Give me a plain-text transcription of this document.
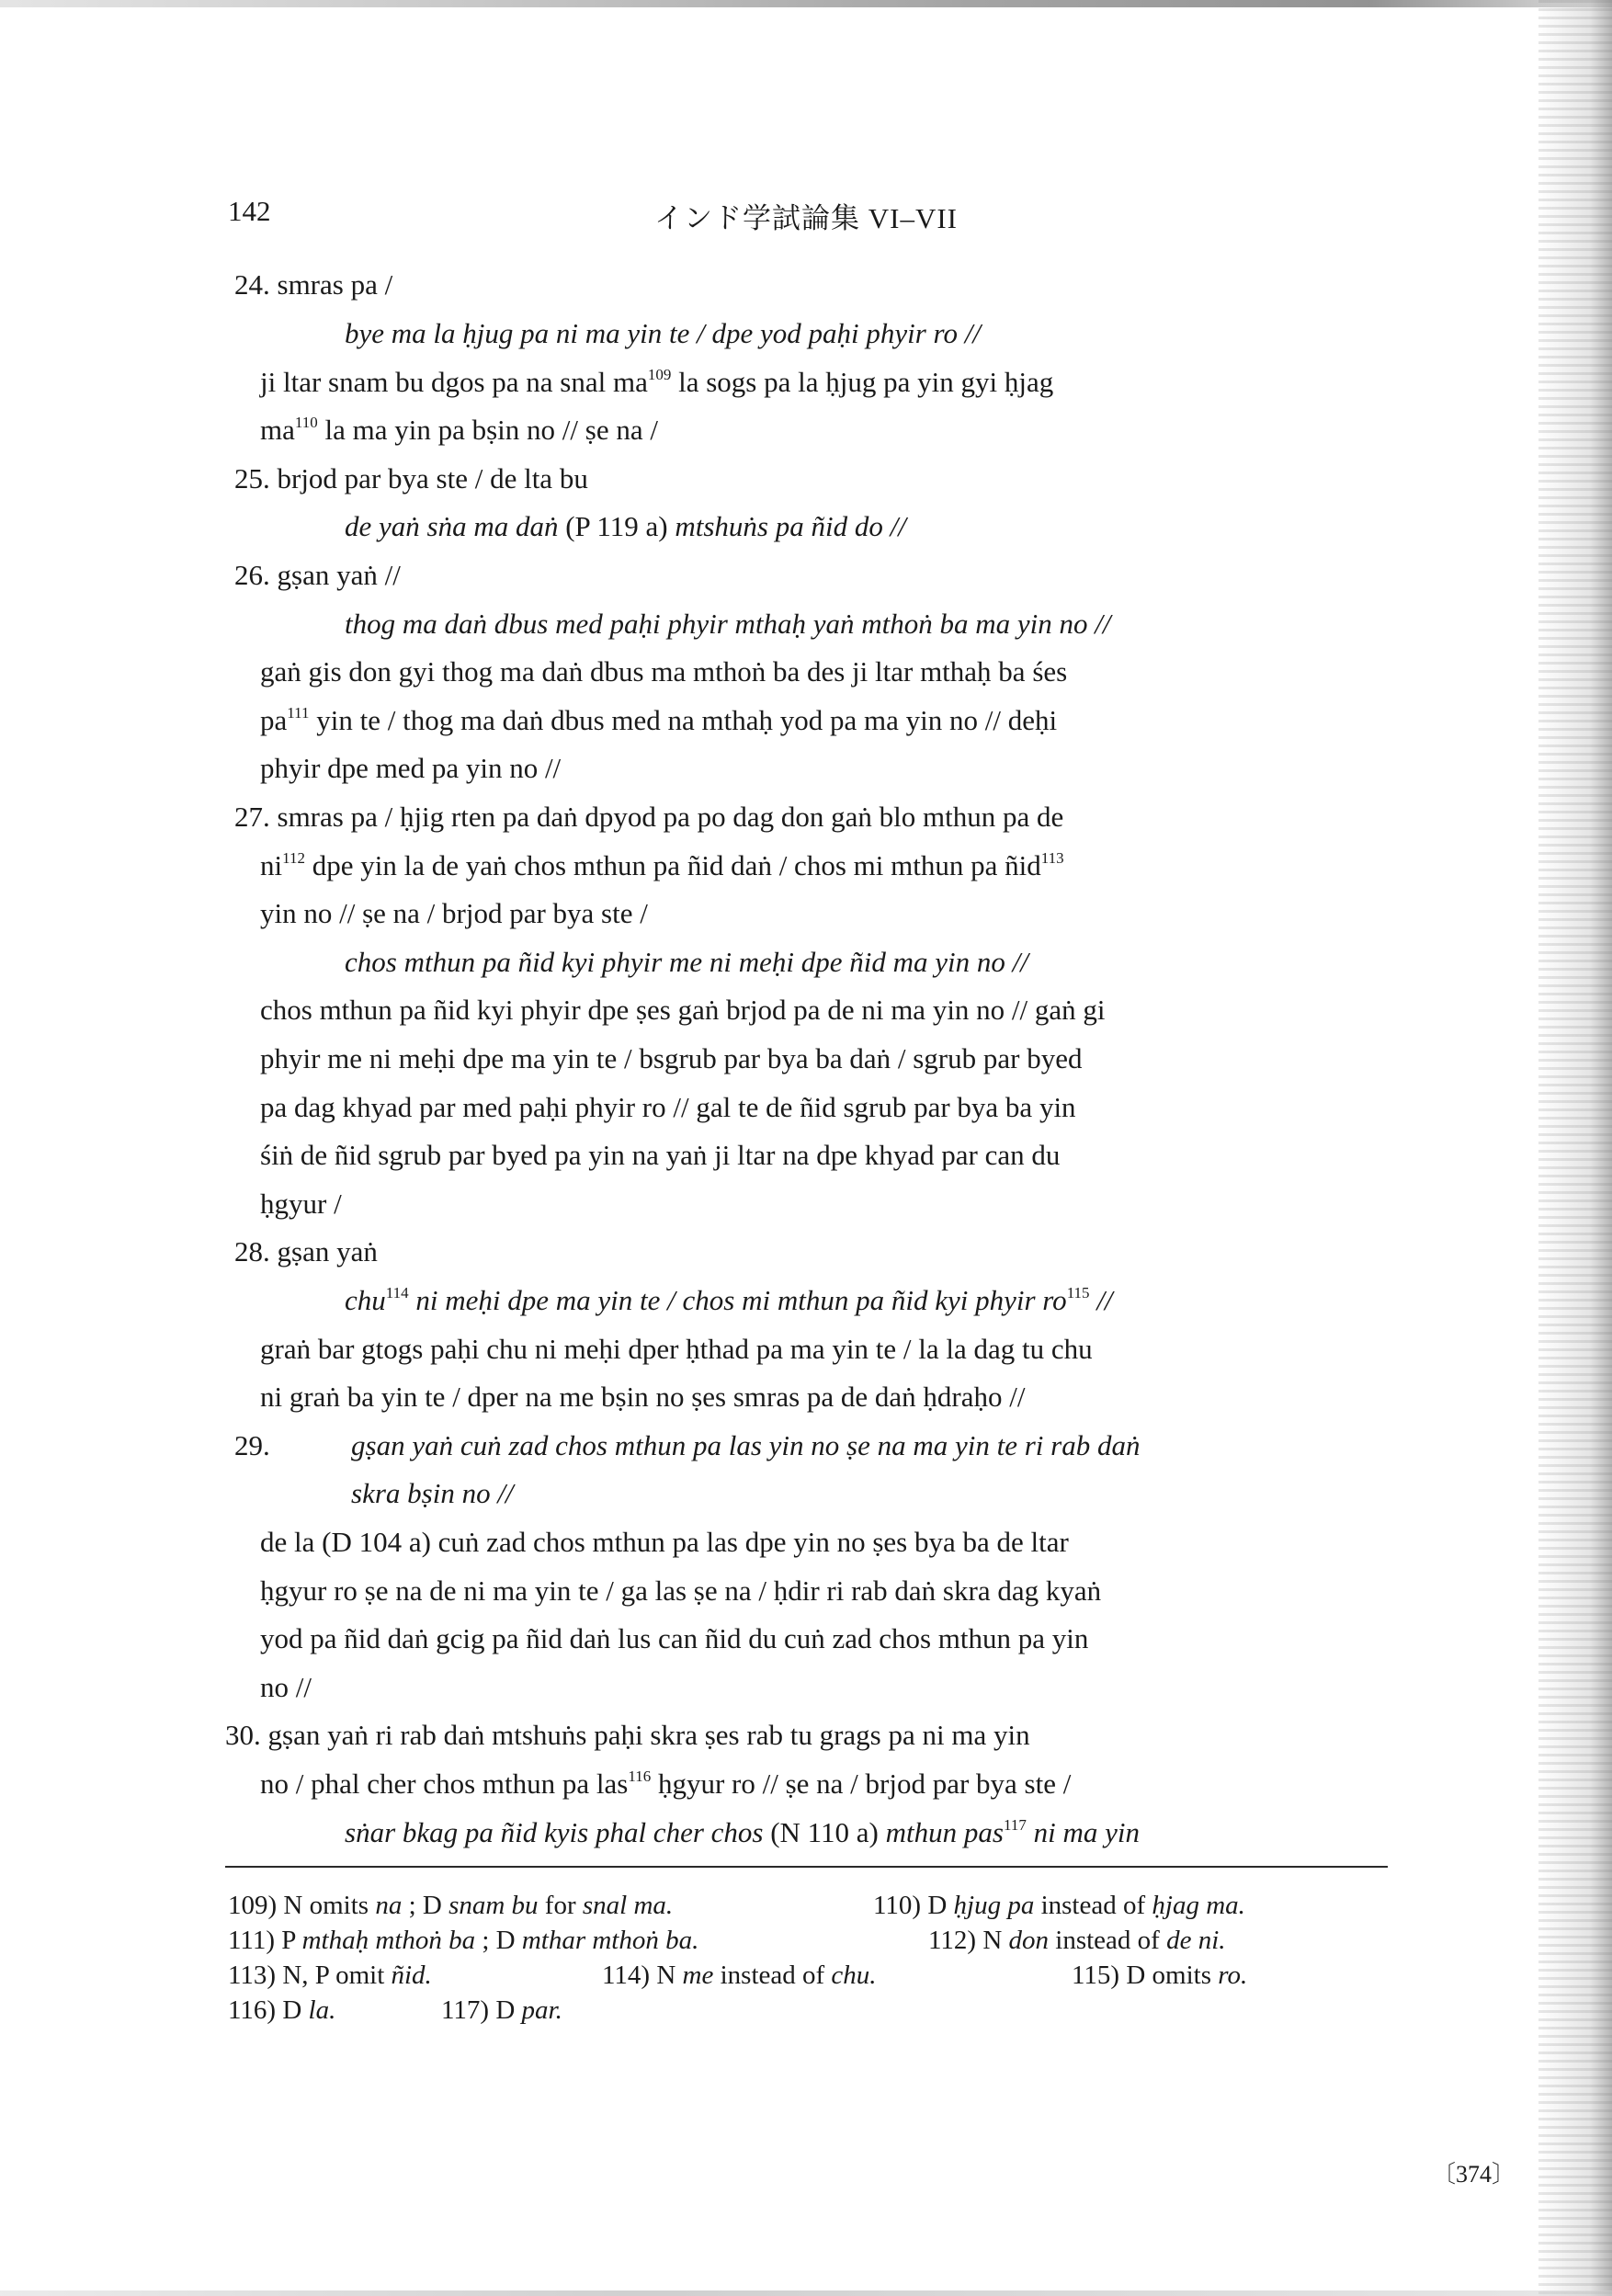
142	インド学試論集 VI–VII
24. smras pa /
bye ma la ḥjug pa ni ma yin te / dpe yod paḥi phyir ro //
ji ltar snam bu dgos pa na snal $ma^{109}$ la sogs pa la ḥjug pa yin gyi ḥjag
$ma^{110}$ la ma yin pa bṣin no // ṣe na /
25. brjod par bya ste / de lta bu
de yaṅ sṅa ma daṅ (P 119 a) mtshuṅs pa ñid do //
26. gṣan yaṅ //
thog ma daṅ dbus med paḥi phyir mthaḥ yaṅ mthoṅ ba ma yin no //
gaṅ gis don gyi thog ma daṅ dbus ma mthoṅ ba des ji ltar mthaḥ ba śes
$pa^{111}$ yin te / thog ma daṅ dbus med na mthaḥ yod pa ma yin no // deḥi
phyir dpe med pa yin no //
27. smras pa / ḥjig rten pa daṅ dpyod pa po dag don gaṅ blo mthun pa de
$ni^{112}$ dpe yin la de yaṅ chos mthun pa ñid daṅ / chos mi mthun pa ñid$^{113}$
yin no // ṣe na / brjod par bya ste /
chos mthun pa ñid kyi phyir me ni meḥi dpe ñid ma yin no //
chos mthun pa ñid kyi phyir dpe ṣes gaṅ brjod pa de ni ma yin no // gaṅ gi
phyir me ni meḥi dpe ma yin te / bsgrub par bya ba daṅ / sgrub par byed
pa dag khyad par med paḥi phyir ro // gal te de ñid sgrub par bya ba yin
śiṅ de ñid sgrub par byed pa yin na yaṅ ji ltar na dpe khyad par can du
ḥgyur /
28. gṣan yaṅ
chu$^{114}$ ni meḥi dpe ma yin te / chos mi mthun pa ñid kyi phyir $ro^{115}$ //
graṅ bar gtogs paḥi chu ni meḥi dper ḥthad pa ma yin te / la la dag tu chu
ni graṅ ba yin te / dper na me bṣin no ṣes smras pa de daṅ ḥdraḥo //
29.	gṣan yaṅ cuṅ zad chos mthun pa las yin no ṣe na ma yin te ri rab daṅ
skra bṣin no //
de la (D 104 a) cuṅ zad chos mthun pa las dpe yin no ṣes bya ba de ltar
ḥgyur ro ṣe na de ni ma yin te / ga las ṣe na / ḥdir ri rab daṅ skra dag kyaṅ
yod pa ñid daṅ gcig pa ñid daṅ lus can ñid du cuṅ zad chos mthun pa yin
no //
30. gṣan yaṅ ri rab daṅ mtshuṅs paḥi skra ṣes rab tu grags pa ni ma yin
no / phal cher chos mthun pa las$^{116}$ ḥgyur ro // ṣe na / brjod par bya ste /
sṅar bkag pa ñid kyis phal cher chos (N 110 a) mthun pas$^{117}$ ni ma yin
109) N omits na ; D snam bu for snal ma.	110) D ḥjug pa instead of ḥjag ma.
111) P mthaḥ mthoṅ ba ; D mthar mthoṅ ba.	112) N don instead of de ni.
113) N, P omit ñid.	114) N me instead of chu.	115) D omits ro.
116) D la.	117) D par.
〔374〕
